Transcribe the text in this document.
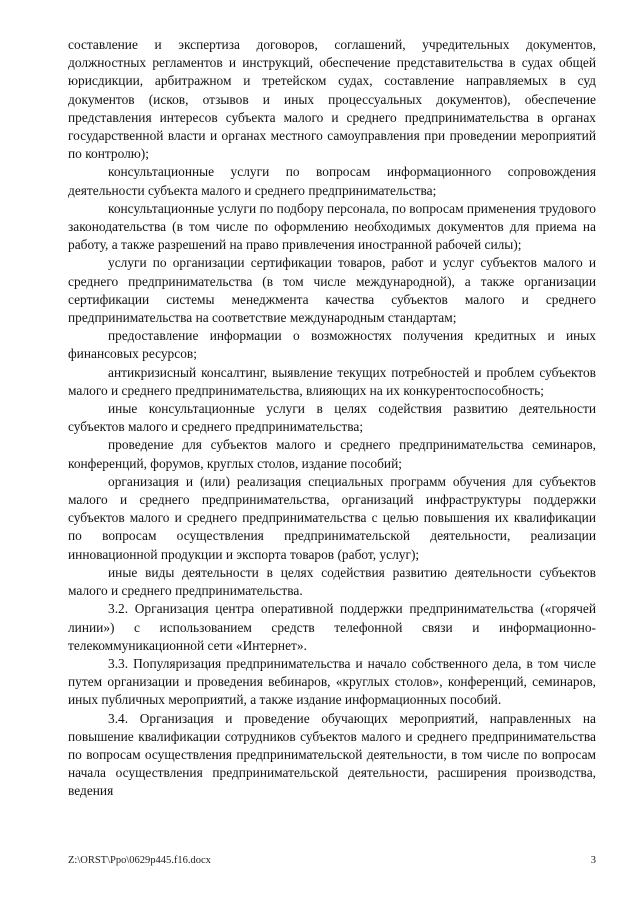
составление и экспертиза договоров, соглашений, учредительных документов, должностных регламентов и инструкций, обеспечение представительства в судах общей юрисдикции, арбитражном и третейском судах, составление направляемых в суд документов (исков, отзывов и иных процессуальных документов), обеспечение представления интересов субъекта малого и среднего предпринимательства в органах государственной власти и органах местного самоуправления при проведении мероприятий по контролю);

консультационные услуги по вопросам информационного сопровождения деятельности субъекта малого и среднего предпринимательства;

консультационные услуги по подбору персонала, по вопросам применения трудового законодательства (в том числе по оформлению необходимых документов для приема на работу, а также разрешений на право привлечения иностранной рабочей силы);

услуги по организации сертификации товаров, работ и услуг субъектов малого и среднего предпринимательства (в том числе международной), а также организации сертификации системы менеджмента качества субъектов малого и среднего предпринимательства на соответствие международным стандартам;

предоставление информации о возможностях получения кредитных и иных финансовых ресурсов;

антикризисный консалтинг, выявление текущих потребностей и проблем субъектов малого и среднего предпринимательства, влияющих на их конкурентоспособность;

иные консультационные услуги в целях содействия развитию деятельности субъектов малого и среднего предпринимательства;

проведение для субъектов малого и среднего предпринимательства семинаров, конференций, форумов, круглых столов, издание пособий;

организация и (или) реализация специальных программ обучения для субъектов малого и среднего предпринимательства, организаций инфраструктуры поддержки субъектов малого и среднего предпринимательства с целью повышения их квалификации по вопросам осуществления предпринимательской деятельности, реализации инновационной продукции и экспорта товаров (работ, услуг);

иные виды деятельности в целях содействия развитию деятельности субъектов малого и среднего предпринимательства.

3.2. Организация центра оперативной поддержки предпринимательства («горячей линии») с использованием средств телефонной связи и информационно-телекоммуникационной сети «Интернет».

3.3. Популяризация предпринимательства и начало собственного дела, в том числе путем организации и проведения вебинаров, «круглых столов», конференций, семинаров, иных публичных мероприятий, а также издание информационных пособий.

3.4. Организация и проведение обучающих мероприятий, направленных на повышение квалификации сотрудников субъектов малого и среднего предпринимательства по вопросам осуществления предпринимательской деятельности, в том числе по вопросам начала осуществления предпринимательской деятельности, расширения производства, ведения

Z:\ORST\Ppo\0629p445.f16.docx	3
